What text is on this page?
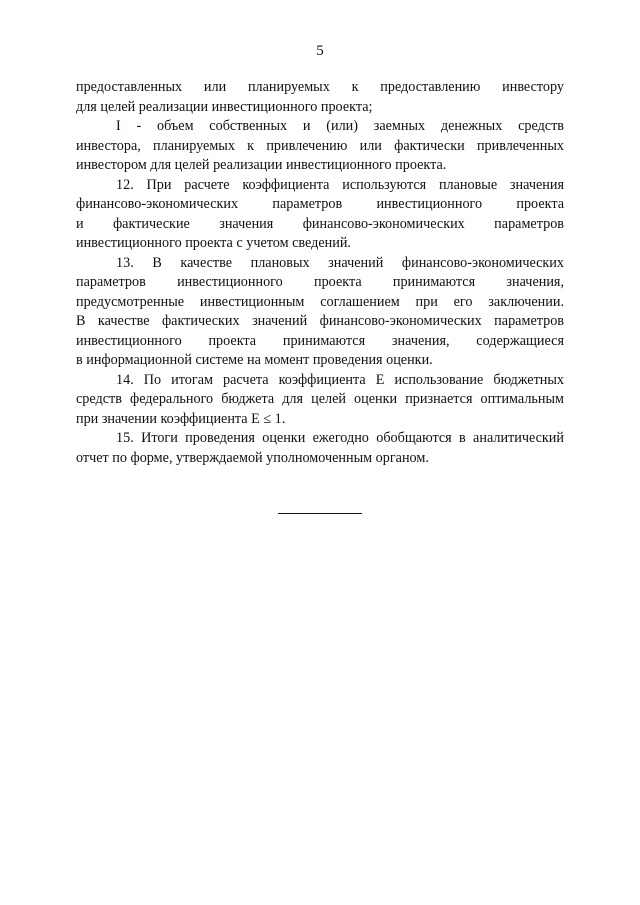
5

предоставленных или планируемых к предоставлению инвестору
для целей реализации инвестиционного проекта;

I - объем собственных и (или) заемных денежных средств
инвестора, планируемых к привлечению или фактически привлеченных
инвестором для целей реализации инвестиционного проекта.

12. При расчете коэффициента используются плановые значения
финансово-экономических параметров инвестиционного проекта
и фактические значения финансово-экономических параметров
инвестиционного проекта с учетом сведений.

13. В качестве плановых значений финансово-экономических
параметров инвестиционного проекта принимаются значения,
предусмотренные инвестиционным соглашением при его заключении.
В качестве фактических значений финансово-экономических параметров
инвестиционного проекта принимаются значения, содержащиеся
в информационной системе на момент проведения оценки.

14. По итогам расчета коэффициента E использование бюджетных
средств федерального бюджета для целей оценки признается оптимальным
при значении коэффициента E ≤ 1.

15. Итоги проведения оценки ежегодно обобщаются в аналитический
отчет по форме, утверждаемой уполномоченным органом.
